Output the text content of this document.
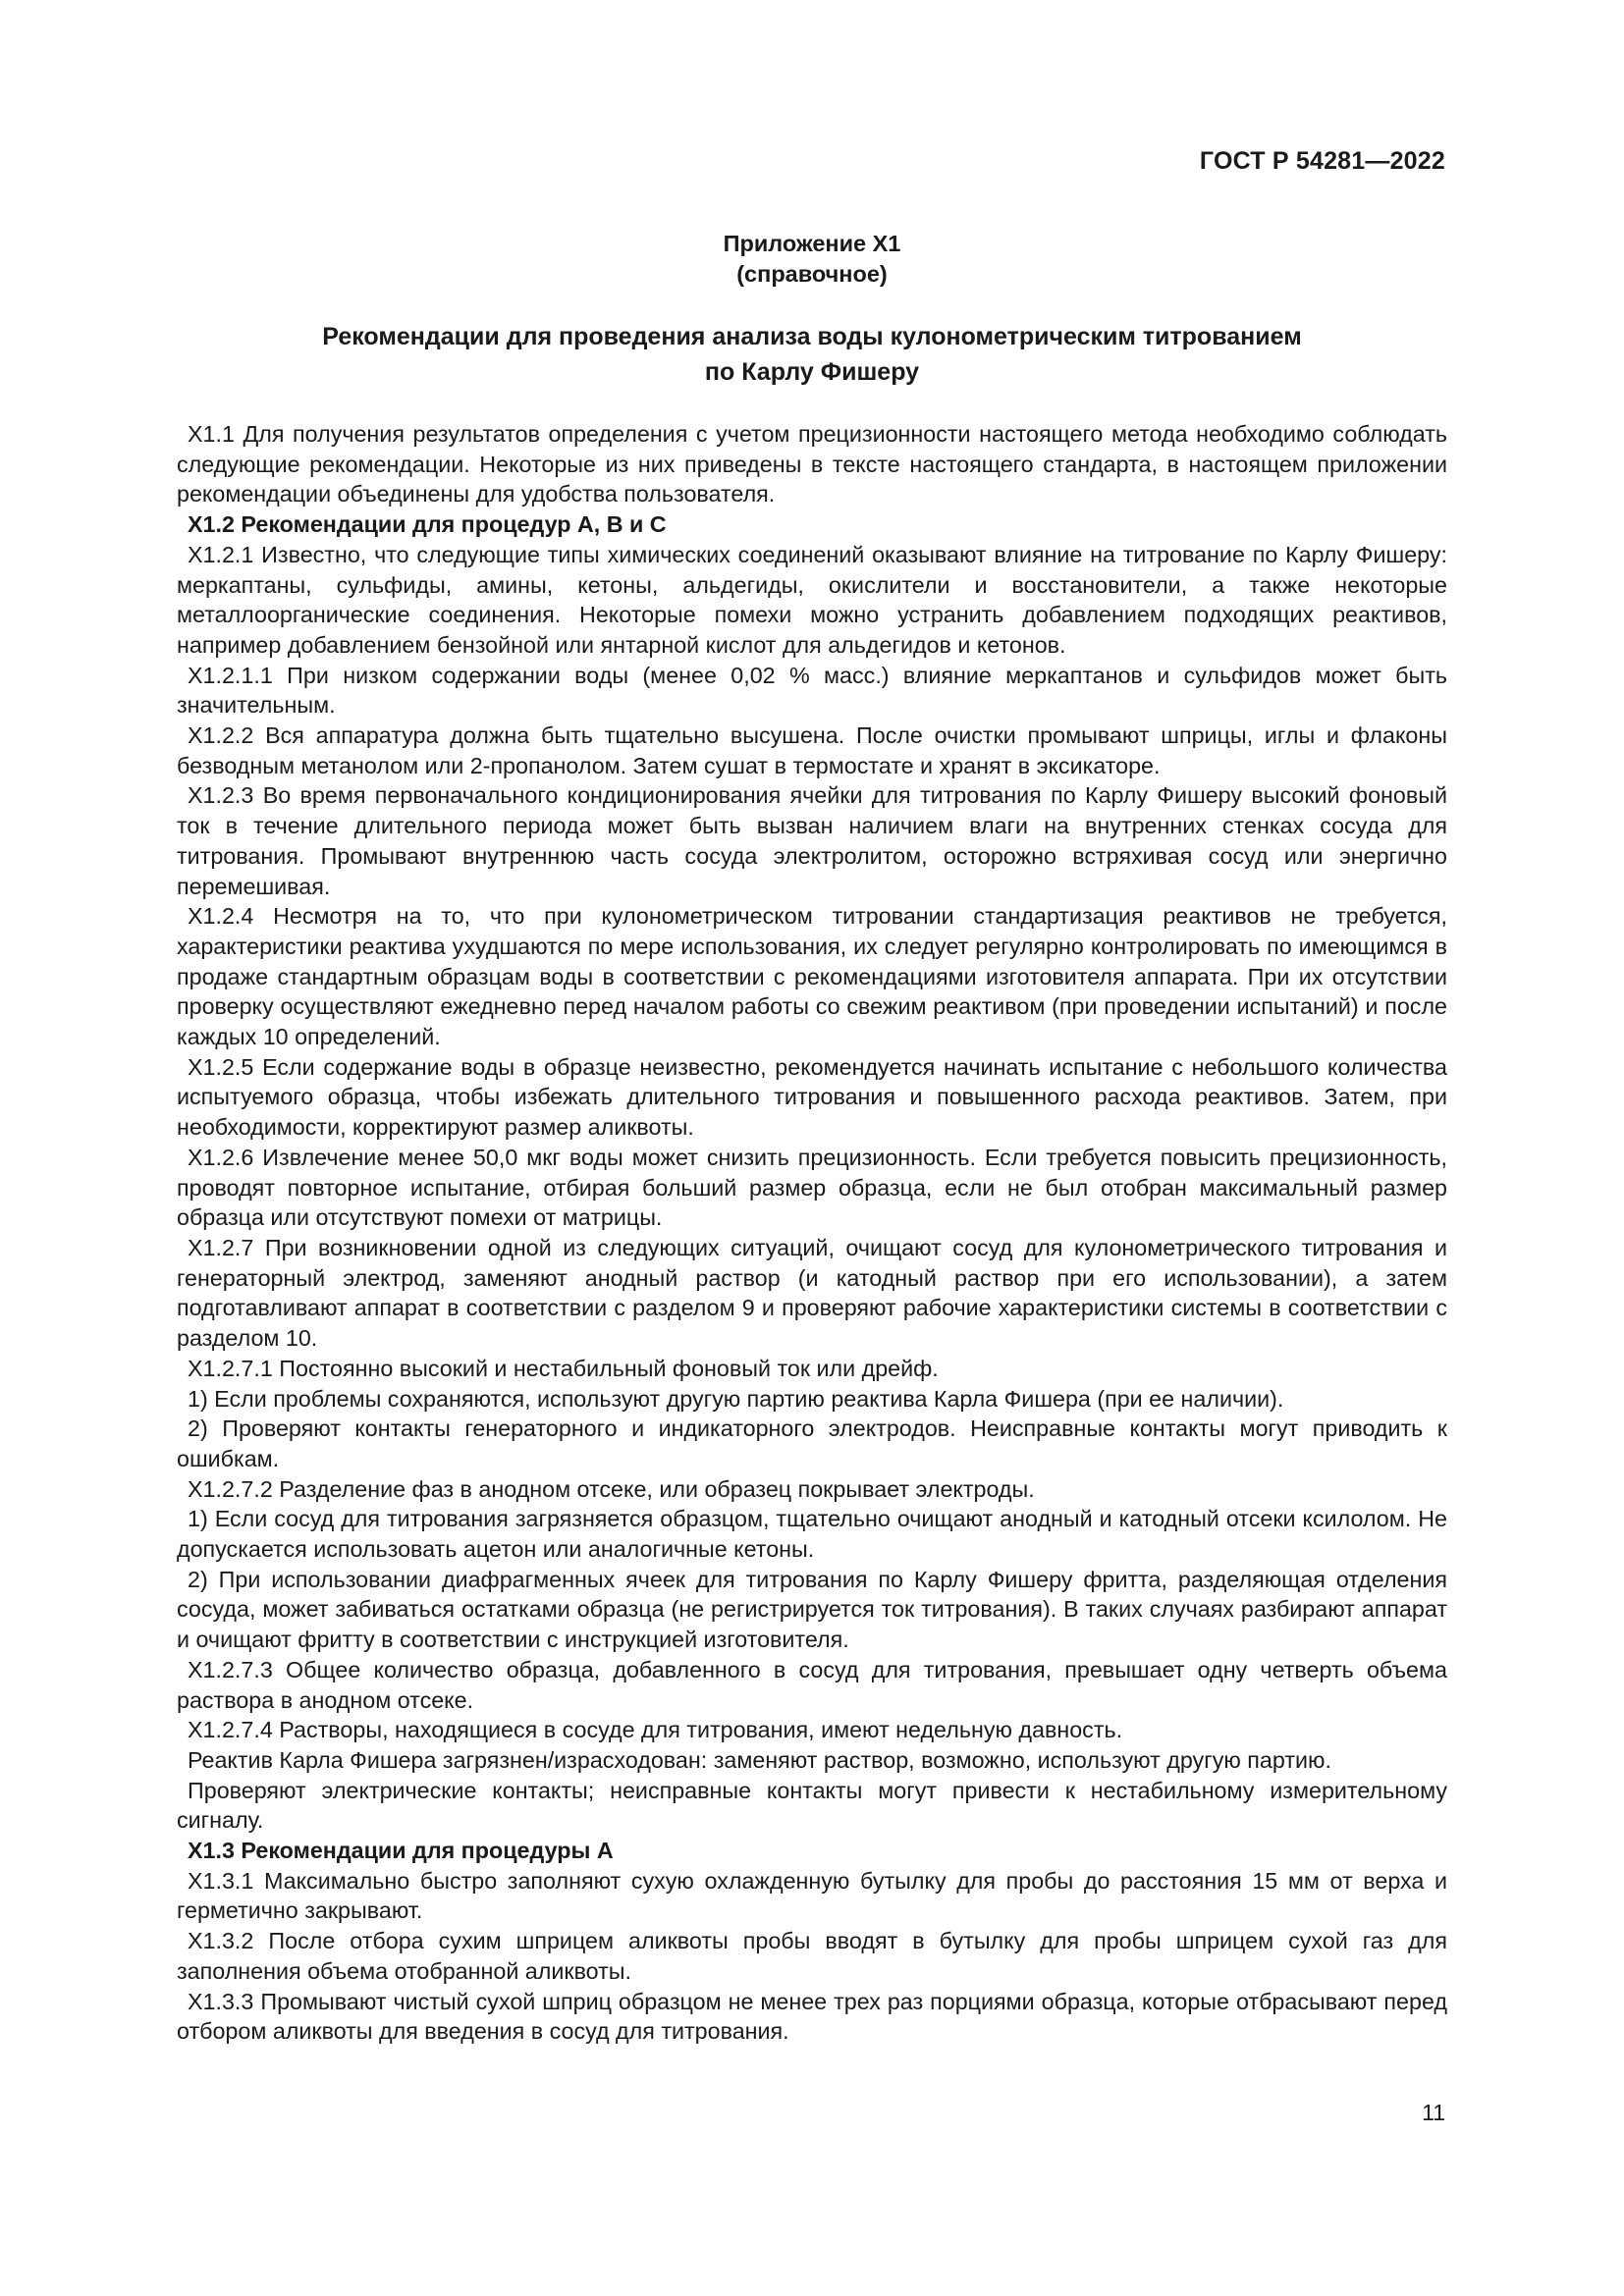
ГОСТ Р 54281—2022
Приложение Х1
(справочное)
Рекомендации для проведения анализа воды кулонометрическим титрованием
по Карлу Фишеру

Х1.1 Для получения результатов определения с учетом прецизионности настоящего метода необходимо соблюдать следующие рекомендации. Некоторые из них приведены в тексте настоящего стандарта, в настоящем приложении рекомендации объединены для удобства пользователя.

Х1.2 Рекомендации для процедур А, В и С

Х1.2.1 Известно, что следующие типы химических соединений оказывают влияние на титрование по Карлу Фишеру: меркаптаны, сульфиды, амины, кетоны, альдегиды, окислители и восстановители, а также некоторые металлоорганические соединения. Некоторые помехи можно устранить добавлением подходящих реактивов, например добавлением бензойной или янтарной кислот для альдегидов и кетонов.

Х1.2.1.1 При низком содержании воды (менее 0,02 % масс.) влияние меркаптанов и сульфидов может быть значительным.

Х1.2.2 Вся аппаратура должна быть тщательно высушена. После очистки промывают шприцы, иглы и флаконы безводным метанолом или 2-пропанолом. Затем сушат в термостате и хранят в эксикаторе.

Х1.2.3 Во время первоначального кондиционирования ячейки для титрования по Карлу Фишеру высокий фоновый ток в течение длительного периода может быть вызван наличием влаги на внутренних стенках сосуда для титрования. Промывают внутреннюю часть сосуда электролитом, осторожно встряхивая сосуд или энергично перемешивая.

Х1.2.4 Несмотря на то, что при кулонометрическом титровании стандартизация реактивов не требуется, характеристики реактива ухудшаются по мере использования, их следует регулярно контролировать по имеющимся в продаже стандартным образцам воды в соответствии с рекомендациями изготовителя аппарата. При их отсутствии проверку осуществляют ежедневно перед началом работы со свежим реактивом (при проведении испытаний) и после каждых 10 определений.

Х1.2.5 Если содержание воды в образце неизвестно, рекомендуется начинать испытание с небольшого количества испытуемого образца, чтобы избежать длительного титрования и повышенного расхода реактивов. Затем, при необходимости, корректируют размер аликвоты.

Х1.2.6 Извлечение менее 50,0 мкг воды может снизить прецизионность. Если требуется повысить прецизионность, проводят повторное испытание, отбирая больший размер образца, если не был отобран максимальный размер образца или отсутствуют помехи от матрицы.

Х1.2.7 При возникновении одной из следующих ситуаций, очищают сосуд для кулонометрического титрования и генераторный электрод, заменяют анодный раствор (и катодный раствор при его использовании), а затем подготавливают аппарат в соответствии с разделом 9 и проверяют рабочие характеристики системы в соответствии с разделом 10.

Х1.2.7.1 Постоянно высокий и нестабильный фоновый ток или дрейф.

1) Если проблемы сохраняются, используют другую партию реактива Карла Фишера (при ее наличии).

2) Проверяют контакты генераторного и индикаторного электродов. Неисправные контакты могут приводить к ошибкам.

Х1.2.7.2 Разделение фаз в анодном отсеке, или образец покрывает электроды.

1) Если сосуд для титрования загрязняется образцом, тщательно очищают анодный и катодный отсеки ксилолом. Не допускается использовать ацетон или аналогичные кетоны.

2) При использовании диафрагменных ячеек для титрования по Карлу Фишеру фритта, разделяющая отделения сосуда, может забиваться остатками образца (не регистрируется ток титрования). В таких случаях разбирают аппарат и очищают фритту в соответствии с инструкцией изготовителя.

Х1.2.7.3 Общее количество образца, добавленного в сосуд для титрования, превышает одну четверть объема раствора в анодном отсеке.

Х1.2.7.4 Растворы, находящиеся в сосуде для титрования, имеют недельную давность.

Реактив Карла Фишера загрязнен/израсходован: заменяют раствор, возможно, используют другую партию.

Проверяют электрические контакты; неисправные контакты могут привести к нестабильному измерительному сигналу.

Х1.3 Рекомендации для процедуры А

Х1.3.1 Максимально быстро заполняют сухую охлажденную бутылку для пробы до расстояния 15 мм от верха и герметично закрывают.

Х1.3.2 После отбора сухим шприцем аликвоты пробы вводят в бутылку для пробы шприцем сухой газ для заполнения объема отобранной аликвоты.

Х1.3.3 Промывают чистый сухой шприц образцом не менее трех раз порциями образца, которые отбрасывают перед отбором аликвоты для введения в сосуд для титрования.

11
